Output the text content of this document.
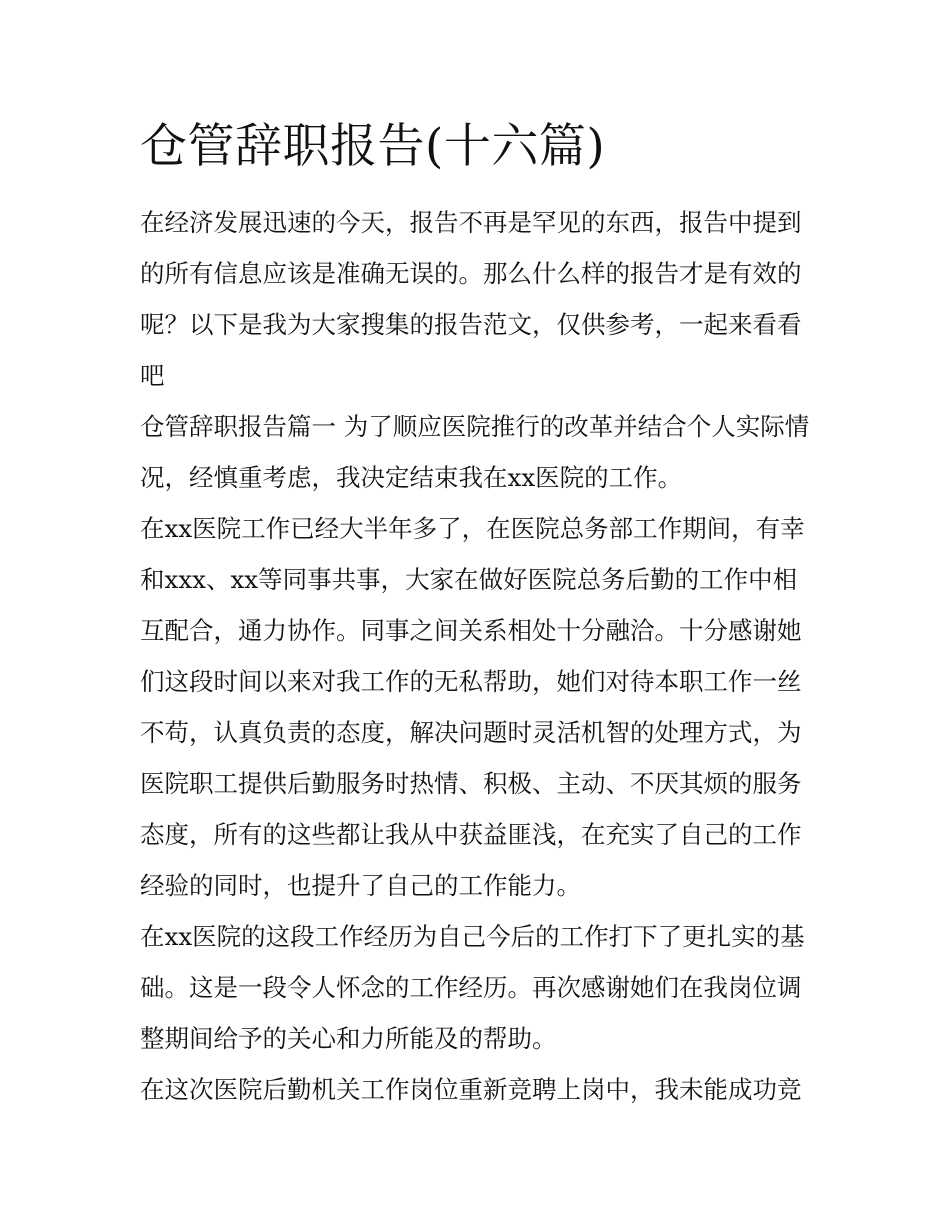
仓管辞职报告(十六篇)

在经济发展迅速的今天，报告不再是罕见的东西，报告中提到的所有信息应该是准确无误的。那么什么样的报告才是有效的呢？以下是我为大家搜集的报告范文，仅供参考，一起来看看吧

仓管辞职报告篇一 为了顺应医院推行的改革并结合个人实际情况，经慎重考虑，我决定结束我在xx医院的工作。

在xx医院工作已经大半年多了，在医院总务部工作期间，有幸和xxx、xx等同事共事，大家在做好医院总务后勤的工作中相互配合，通力协作。同事之间关系相处十分融洽。十分感谢她们这段时间以来对我工作的无私帮助，她们对待本职工作一丝不苟，认真负责的态度，解决问题时灵活机智的处理方式，为医院职工提供后勤服务时热情、积极、主动、不厌其烦的服务态度，所有的这些都让我从中获益匪浅，在充实了自己的工作经验的同时，也提升了自己的工作能力。

在xx医院的这段工作经历为自己今后的工作打下了更扎实的基础。这是一段令人怀念的工作经历。再次感谢她们在我岗位调整期间给予的关心和力所能及的帮助。

在这次医院后勤机关工作岗位重新竞聘上岗中，我未能成功竞
